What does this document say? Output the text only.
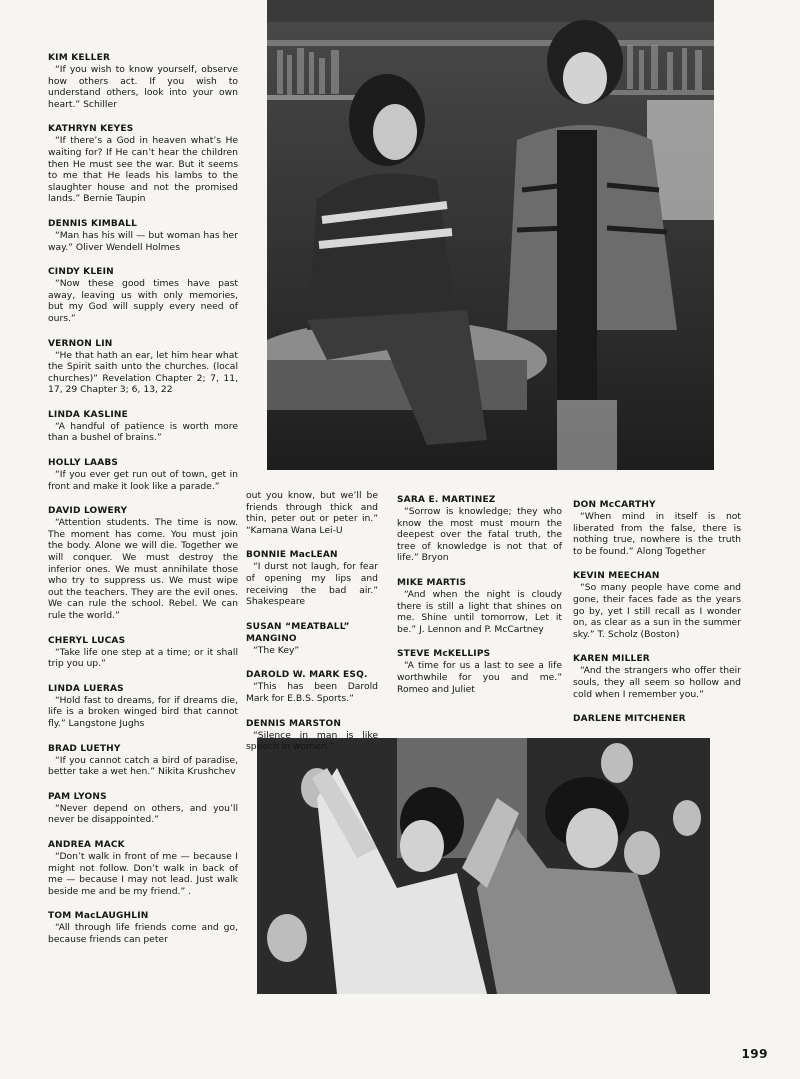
KIM KELLER

“If you wish to know yourself, observe how others act. If you wish to understand others, look into your own heart.” Schiller

KATHRYN KEYES

“If there’s a God in heaven what’s He waiting for? If He can’t hear the children then He must see the war. But it seems to me that He leads his lambs to the slaughter house and not the promised lands.” Bernie Taupin

DENNIS KIMBALL

“Man has his will — but woman has her way.” Oliver Wendell Holmes

CINDY KLEIN

“Now these good times have past away, leaving us with only memories, but my God will supply every need of ours.”

VERNON LIN

“He that hath an ear, let him hear what the Spirit saith unto the churches. (local churches)” Revelation Chapter 2; 7, 11, 17, 29 Chapter 3; 6, 13, 22

LINDA KASLINE

“A handful of patience is worth more than a bushel of brains.”

HOLLY LAABS

“If you ever get run out of town, get in front and make it look like a parade.”

DAVID LOWERY

“Attention students. The time is now. The moment has come. You must join the body. Alone we will die. Together we will conquer. We must destroy the inferior ones. We must annihilate those who try to suppress us. We must wipe out the teachers. They are the evil ones. We can rule the school. Rebel. We can rule the world.”

CHERYL LUCAS

“Take life one step at a time; or it shall trip you up.”

LINDA LUERAS

“Hold fast to dreams, for if dreams die, life is a broken winged bird that cannot fly.” Langstone Jughs

BRAD LUETHY

“If you cannot catch a bird of paradise, better take a wet hen.” Nikita Krushchev

PAM LYONS

“Never depend on others, and you’ll never be disappointed.”

ANDREA MACK

“Don’t walk in front of me — because I might not follow. Don’t walk in back of me — because I may not lead. Just walk beside me and be my friend.” .

TOM MacLAUGHLIN

“All through life friends come and go, because friends can peter

out you know, but we’ll be friends through thick and thin, peter out or peter in.” “Kamana Wana Lei-U

BONNIE MacLEAN

“I durst not laugh, for fear of opening my lips and receiving the bad air.” Shakespeare

SUSAN “MEATBALL” MANGINO

“The Key”

DAROLD W. MARK ESQ.

“This has been Darold Mark for E.B.S. Sports.”

DENNIS MARSTON

“Silence in man is like speech in women.”

SARA E. MARTINEZ

“Sorrow is knowledge; they who know the most must mourn the deepest over the fatal truth, the tree of knowledge is not that of life.” Bryon

MIKE MARTIS

“And when the night is cloudy there is still a light that shines on me. Shine until tomorrow, Let it be.” J. Lennon and P. McCartney

STEVE McKELLIPS

“A time for us a last to see a life worthwhile for you and me.” Romeo and Juliet

DON McCARTHY

“When mind in itself is not liberated from the false, there is nothing true, nowhere is the truth to be found.” Along Together

KEVIN MEECHAN

“So many people have come and gone, their faces fade as the years go by, yet I still recall as I wonder on, as clear as a sun in the summer sky.” T. Scholz (Boston)

KAREN MILLER

“And the strangers who offer their souls, they all seem so hollow and cold when I remember you.”

DARLENE MITCHENER

199
